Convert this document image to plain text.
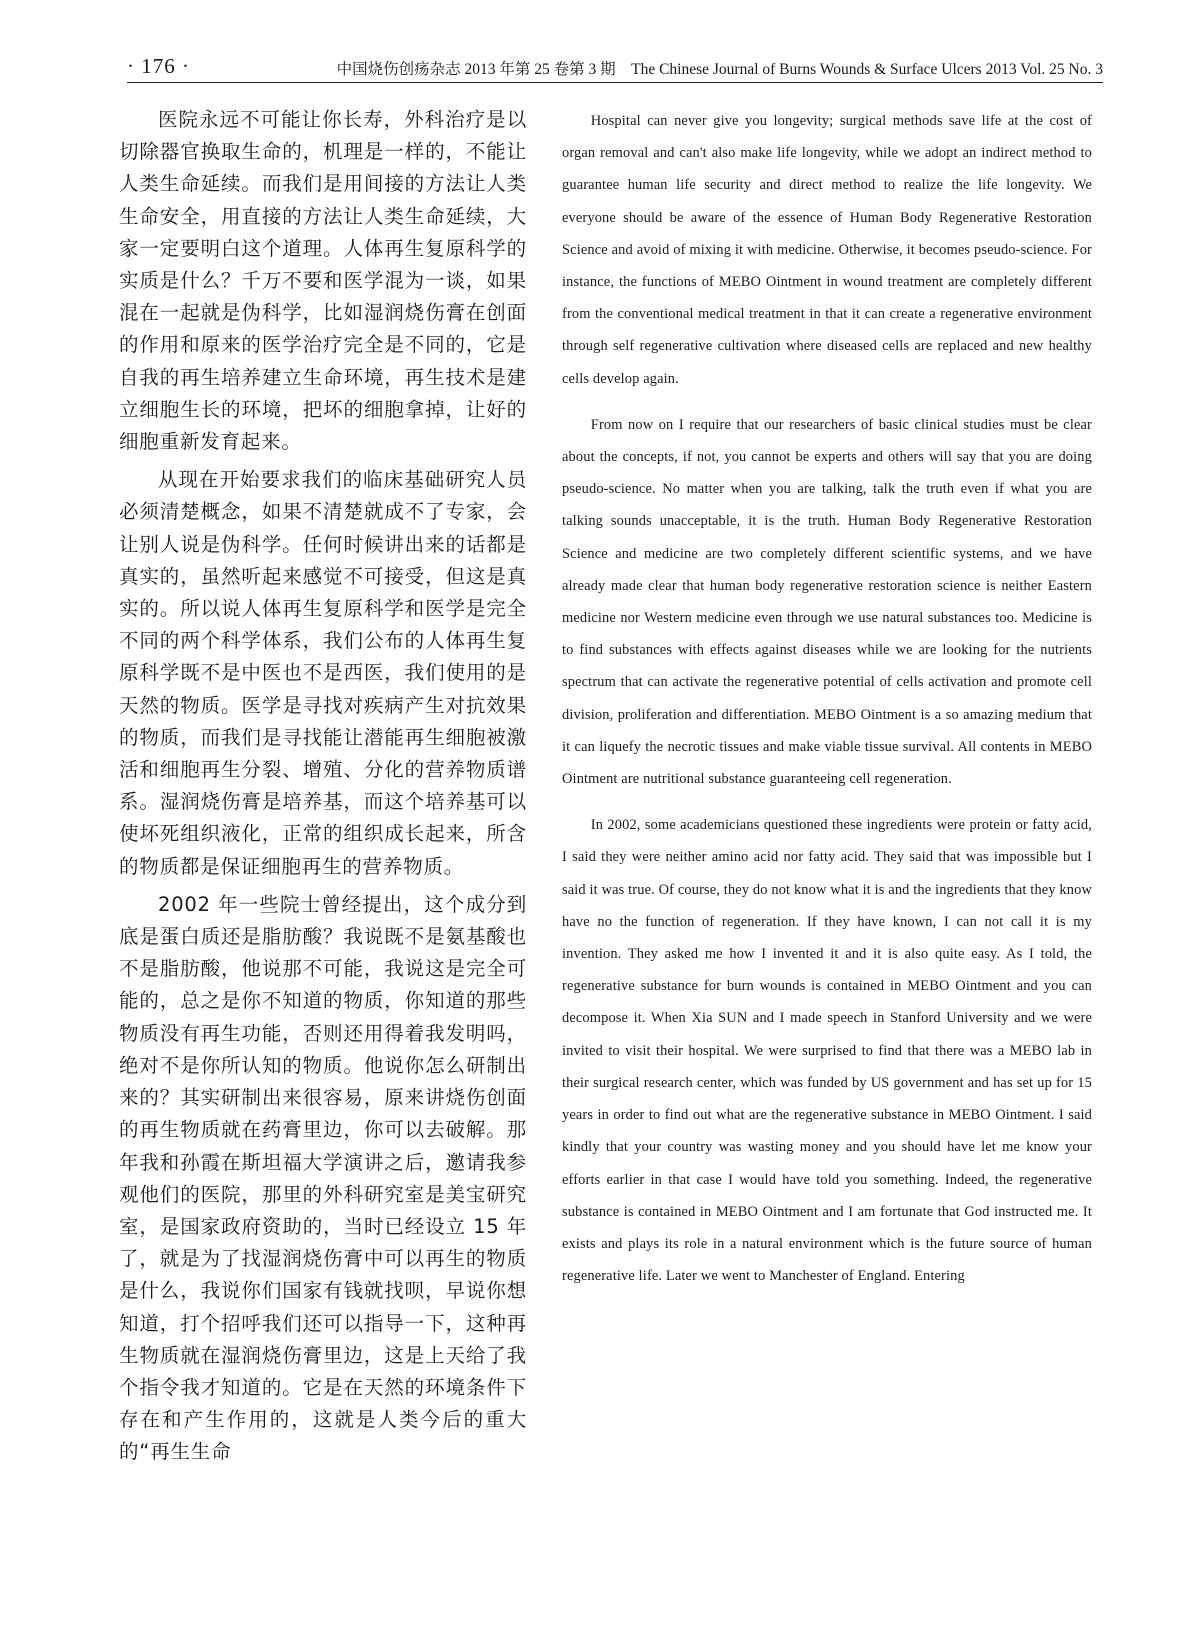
· 176 ·	中国烧伤创疡杂志 2013 年第 25 卷第 3 期　The Chinese Journal of Burns Wounds & Surface Ulcers 2013 Vol. 25 No. 3

医院永远不可能让你长寿，外科治疗是以切除器官换取生命的，机理是一样的，不能让人类生命延续。而我们是用间接的方法让人类生命安全，用直接的方法让人类生命延续，大家一定要明白这个道理。人体再生复原科学的实质是什么？千万不要和医学混为一谈，如果混在一起就是伪科学，比如湿润烧伤膏在创面的作用和原来的医学治疗完全是不同的，它是自我的再生培养建立生命环境，再生技术是建立细胞生长的环境，把坏的细胞拿掉，让好的细胞重新发育起来。

从现在开始要求我们的临床基础研究人员必须清楚概念，如果不清楚就成不了专家，会让别人说是伪科学。任何时候讲出来的话都是真实的，虽然听起来感觉不可接受，但这是真实的。所以说人体再生复原科学和医学是完全不同的两个科学体系，我们公布的人体再生复原科学既不是中医也不是西医，我们使用的是天然的物质。医学是寻找对疾病产生对抗效果的物质，而我们是寻找能让潜能再生细胞被激活和细胞再生分裂、增殖、分化的营养物质谱系。湿润烧伤膏是培养基，而这个培养基可以使坏死组织液化，正常的组织成长起来，所含的物质都是保证细胞再生的营养物质。

2002 年一些院士曾经提出，这个成分到底是蛋白质还是脂肪酸？我说既不是氨基酸也不是脂肪酸，他说那不可能，我说这是完全可能的，总之是你不知道的物质，你知道的那些物质没有再生功能，否则还用得着我发明吗，绝对不是你所认知的物质。他说你怎么研制出来的？其实研制出来很容易，原来讲烧伤创面的再生物质就在药膏里边，你可以去破解。那年我和孙霞在斯坦福大学演讲之后，邀请我参观他们的医院，那里的外科研究室是美宝研究室，是国家政府资助的，当时已经设立 15 年了，就是为了找湿润烧伤膏中可以再生的物质是什么，我说你们国家有钱就找呗，早说你想知道，打个招呼我们还可以指导一下，这种再生物质就在湿润烧伤膏里边，这是上天给了我个指令我才知道的。它是在天然的环境条件下存在和产生作用的，这就是人类今后的重大的“再生生命

Hospital can never give you longevity; surgical methods save life at the cost of organ removal and can't also make life longevity, while we adopt an indirect method to guarantee human life security and direct method to realize the life longevity. We everyone should be aware of the essence of Human Body Regenerative Restoration Science and avoid of mixing it with medicine. Otherwise, it becomes pseudo-science. For instance, the functions of MEBO Ointment in wound treatment are completely different from the conventional medical treatment in that it can create a regenerative environment through self regenerative cultivation where diseased cells are replaced and new healthy cells develop again.

From now on I require that our researchers of basic clinical studies must be clear about the concepts, if not, you cannot be experts and others will say that you are doing pseudo-science. No matter when you are talking, talk the truth even if what you are talking sounds unacceptable, it is the truth. Human Body Regenerative Restoration Science and medicine are two completely different scientific systems, and we have already made clear that human body regenerative restoration science is neither Eastern medicine nor Western medicine even through we use natural substances too. Medicine is to find substances with effects against diseases while we are looking for the nutrients spectrum that can activate the regenerative potential of cells activation and promote cell division, proliferation and differentiation. MEBO Ointment is a so amazing medium that it can liquefy the necrotic tissues and make viable tissue survival. All contents in MEBO Ointment are nutritional substance guaranteeing cell regeneration.

In 2002, some academicians questioned these ingredients were protein or fatty acid, I said they were neither amino acid nor fatty acid. They said that was impossible but I said it was true. Of course, they do not know what it is and the ingredients that they know have no the function of regeneration. If they have known, I can not call it is my invention. They asked me how I invented it and it is also quite easy. As I told, the regenerative substance for burn wounds is contained in MEBO Ointment and you can decompose it. When Xia SUN and I made speech in Stanford University and we were invited to visit their hospital. We were surprised to find that there was a MEBO lab in their surgical research center, which was funded by US government and has set up for 15 years in order to find out what are the regenerative substance in MEBO Ointment. I said kindly that your country was wasting money and you should have let me know your efforts earlier in that case I would have told you something. Indeed, the regenerative substance is contained in MEBO Ointment and I am fortunate that God instructed me. It exists and plays its role in a natural environment which is the future source of human regenerative life. Later we went to Manchester of England. Entering
